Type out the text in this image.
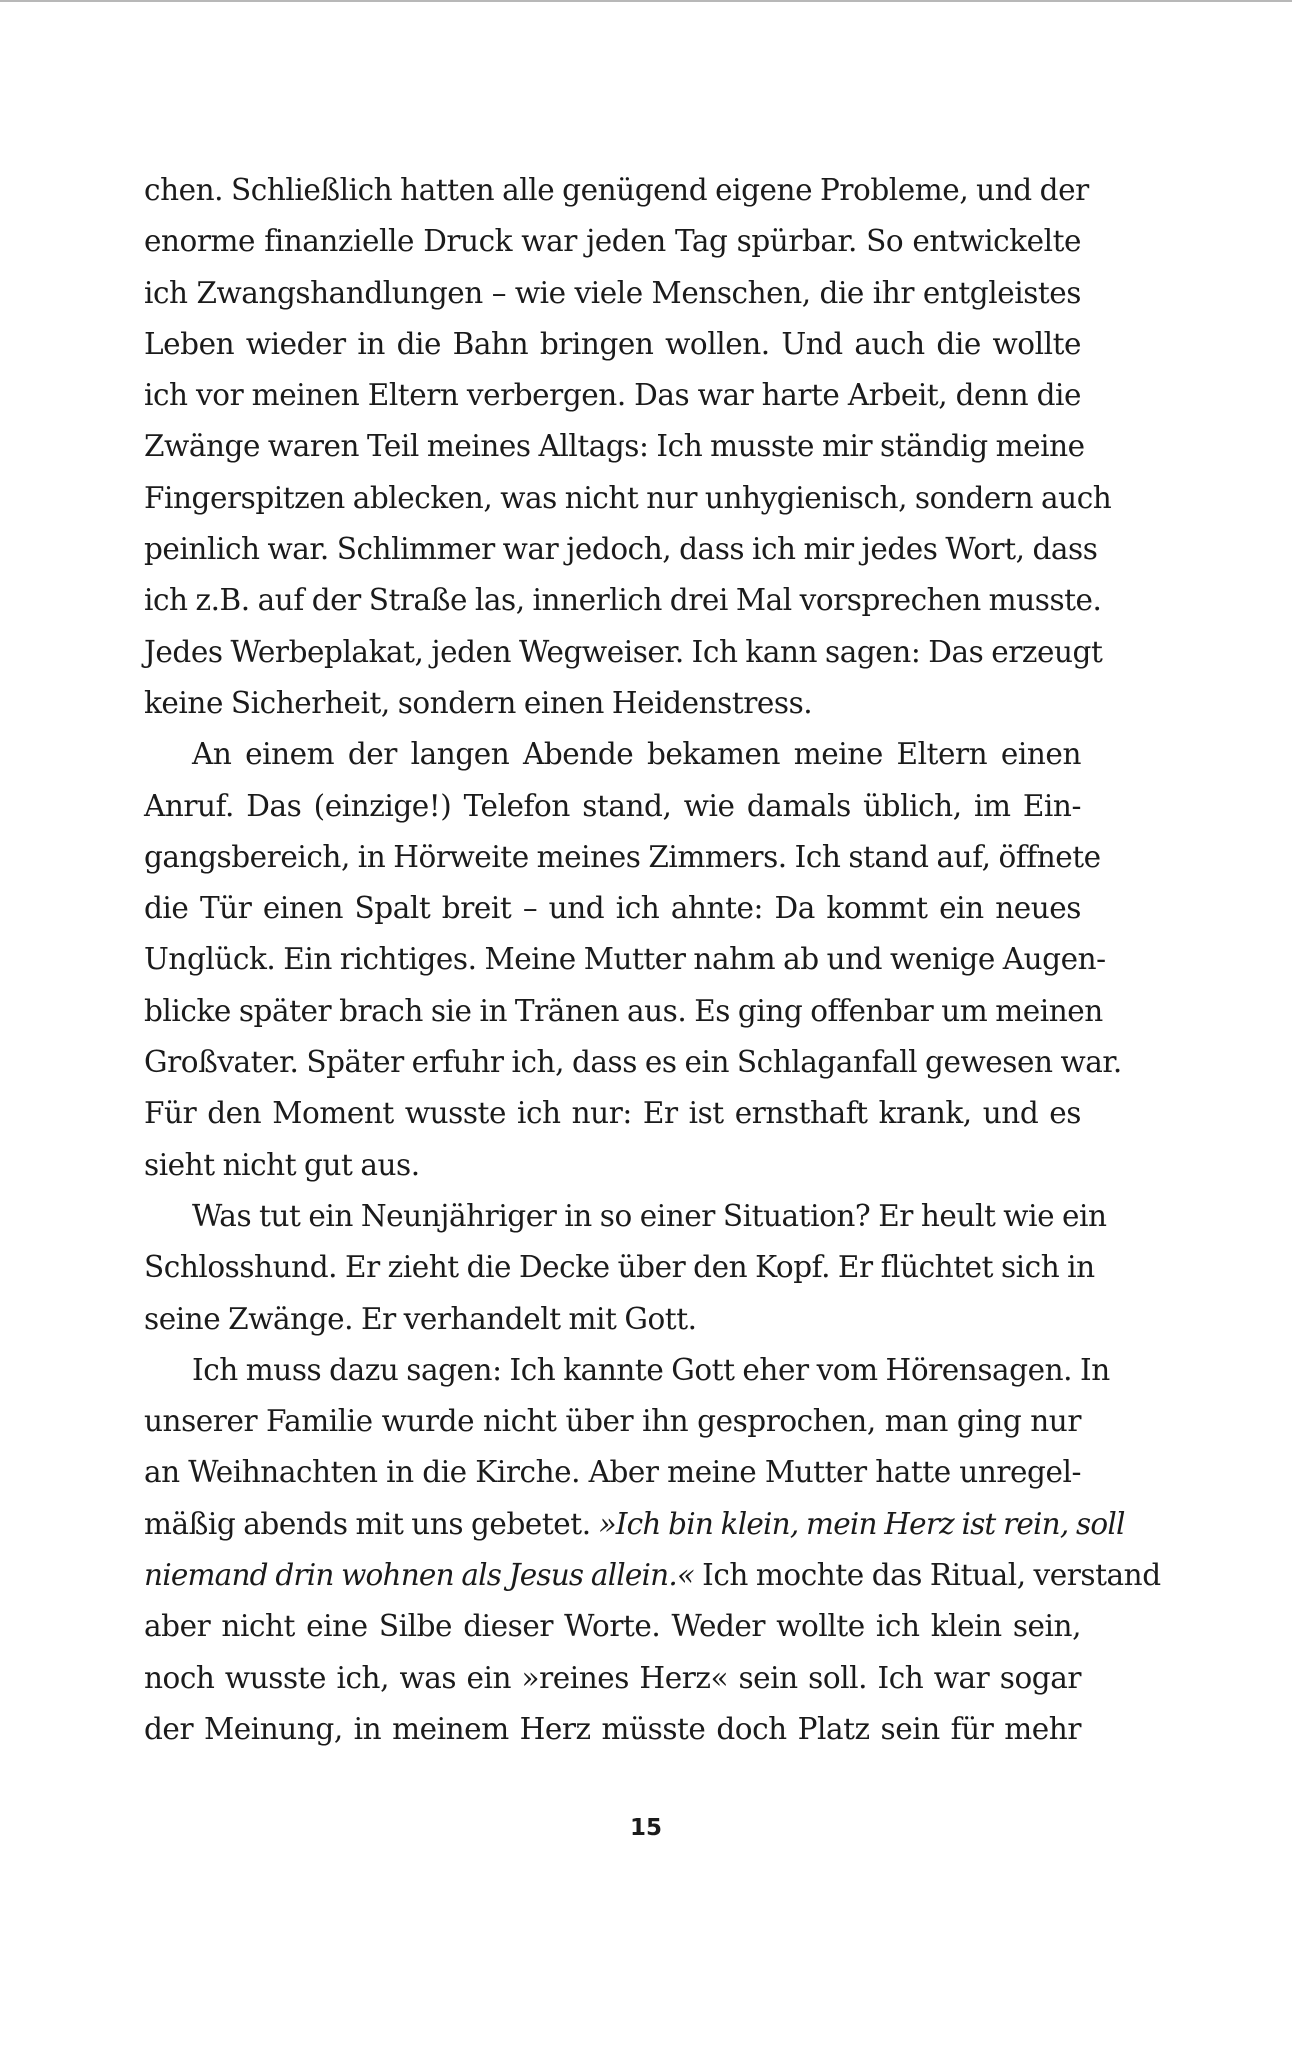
chen. Schließlich hatten alle genügend eigene Probleme, und der
enorme finanzielle Druck war jeden Tag spürbar. So entwickelte
ich Zwangshandlungen – wie viele Menschen, die ihr entgleistes
Leben wieder in die Bahn bringen wollen. Und auch die wollte
ich vor meinen Eltern verbergen. Das war harte Arbeit, denn die
Zwänge waren Teil meines Alltags: Ich musste mir ständig meine
Fingerspitzen ablecken, was nicht nur unhygienisch, sondern auch
peinlich war. Schlimmer war jedoch, dass ich mir jedes Wort, dass
ich z.B. auf der Straße las, innerlich drei Mal vorsprechen musste.
Jedes Werbeplakat, jeden Wegweiser. Ich kann sagen: Das erzeugt
keine Sicherheit, sondern einen Heidenstress.
An einem der langen Abende bekamen meine Eltern einen
Anruf. Das (einzige!) Telefon stand, wie damals üblich, im Ein-
gangsbereich, in Hörweite meines Zimmers. Ich stand auf, öffnete
die Tür einen Spalt breit – und ich ahnte: Da kommt ein neues
Unglück. Ein richtiges. Meine Mutter nahm ab und wenige Augen-
blicke später brach sie in Tränen aus. Es ging offenbar um meinen
Großvater. Später erfuhr ich, dass es ein Schlaganfall gewesen war.
Für den Moment wusste ich nur: Er ist ernsthaft krank, und es
sieht nicht gut aus.
Was tut ein Neunjähriger in so einer Situation? Er heult wie ein
Schlosshund. Er zieht die Decke über den Kopf. Er flüchtet sich in
seine Zwänge. Er verhandelt mit Gott.
Ich muss dazu sagen: Ich kannte Gott eher vom Hörensagen. In
unserer Familie wurde nicht über ihn gesprochen, man ging nur
an Weihnachten in die Kirche. Aber meine Mutter hatte unregel-
mäßig abends mit uns gebetet. »Ich bin klein, mein Herz ist rein, soll
niemand drin wohnen als Jesus allein.« Ich mochte das Ritual, verstand
aber nicht eine Silbe dieser Worte. Weder wollte ich klein sein,
noch wusste ich, was ein »reines Herz« sein soll. Ich war sogar
der Meinung, in meinem Herz müsste doch Platz sein für mehr
15
